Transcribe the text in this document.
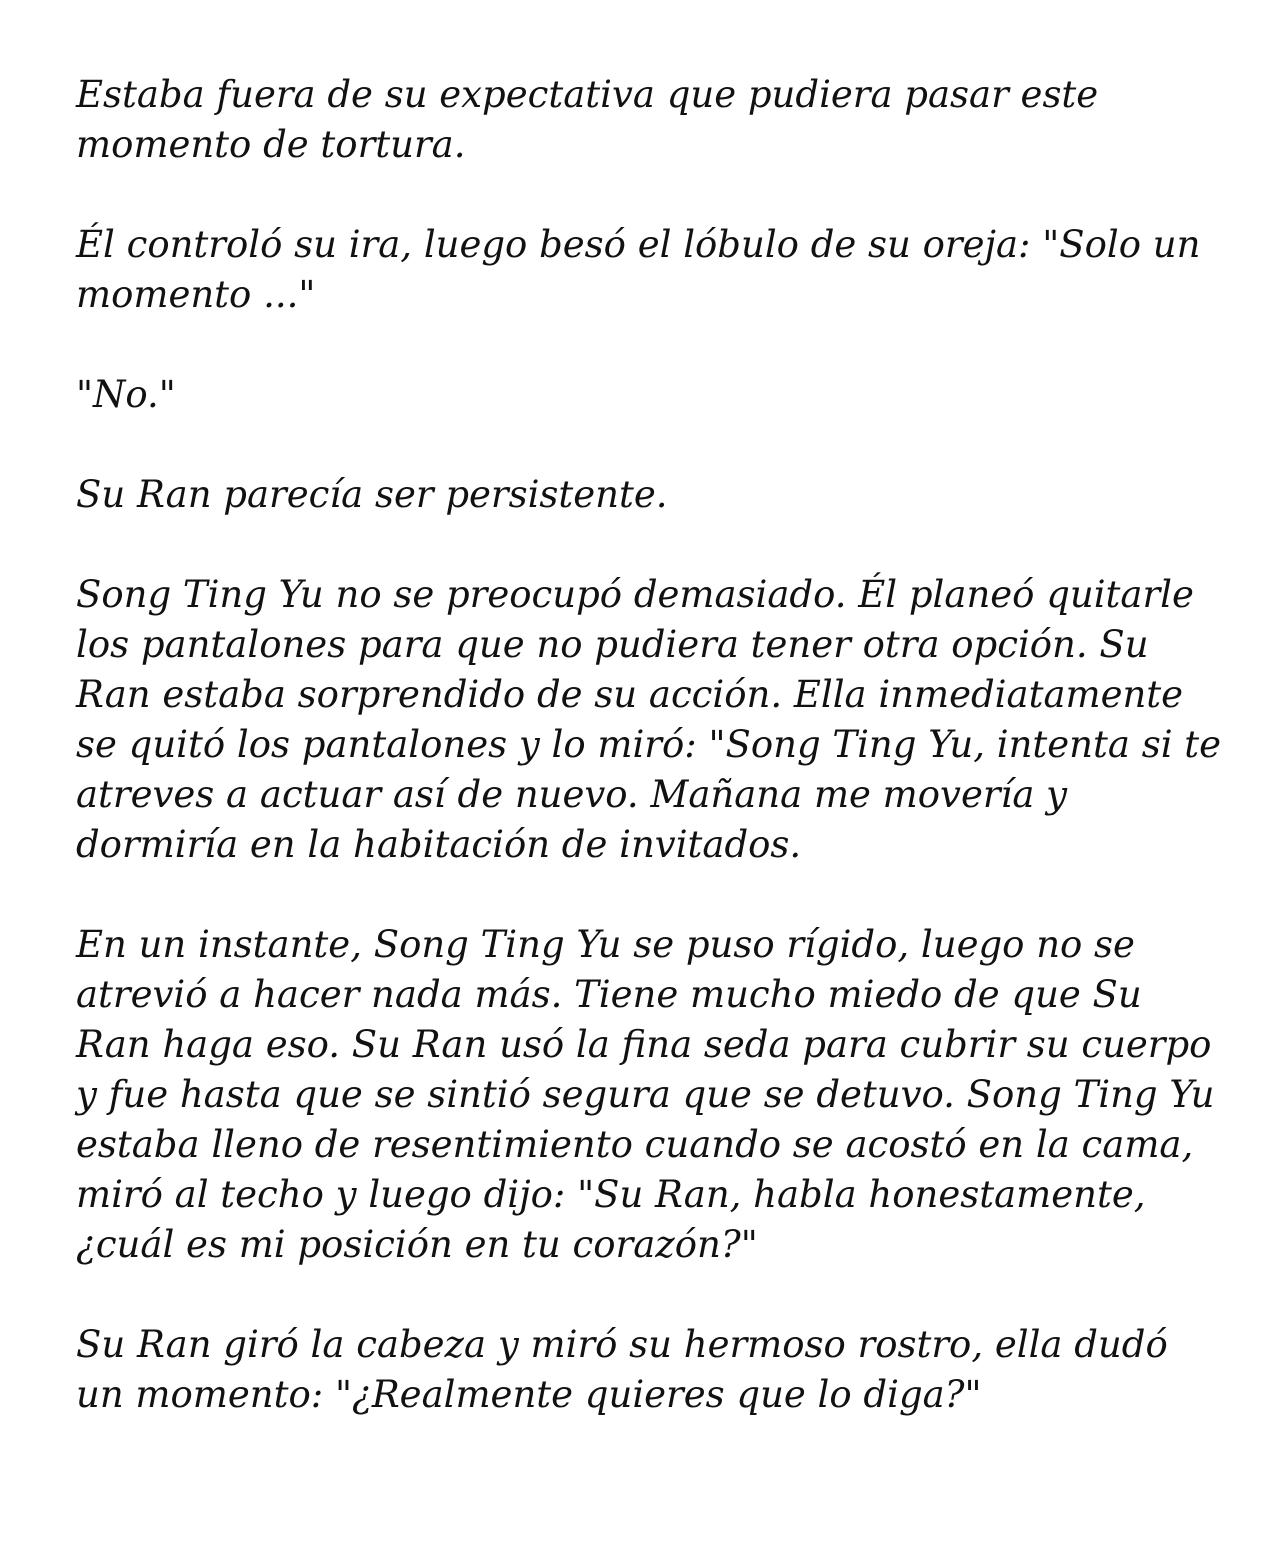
Estaba fuera de su expectativa que pudiera pasar este momento de tortura.

Él controló su ira, luego besó el lóbulo de su oreja: "Solo un momento ..."

"No."

Su Ran parecía ser persistente.

Song Ting Yu no se preocupó demasiado. Él planeó quitarle los pantalones para que no pudiera tener otra opción. Su Ran estaba sorprendido de su acción. Ella inmediatamente se quitó los pantalones y lo miró: "Song Ting Yu, intenta si te atreves a actuar así de nuevo. Mañana me movería y dormiría en la habitación de invitados.

En un instante, Song Ting Yu se puso rígido, luego no se atrevió a hacer nada más. Tiene mucho miedo de que Su Ran haga eso. Su Ran usó la fina seda para cubrir su cuerpo y fue hasta que se sintió segura que se detuvo. Song Ting Yu estaba lleno de resentimiento cuando se acostó en la cama, miró al techo y luego dijo: "Su Ran, habla honestamente, ¿cuál es mi posición en tu corazón?"

Su Ran giró la cabeza y miró su hermoso rostro, ella dudó un momento: "¿Realmente quieres que lo diga?"
